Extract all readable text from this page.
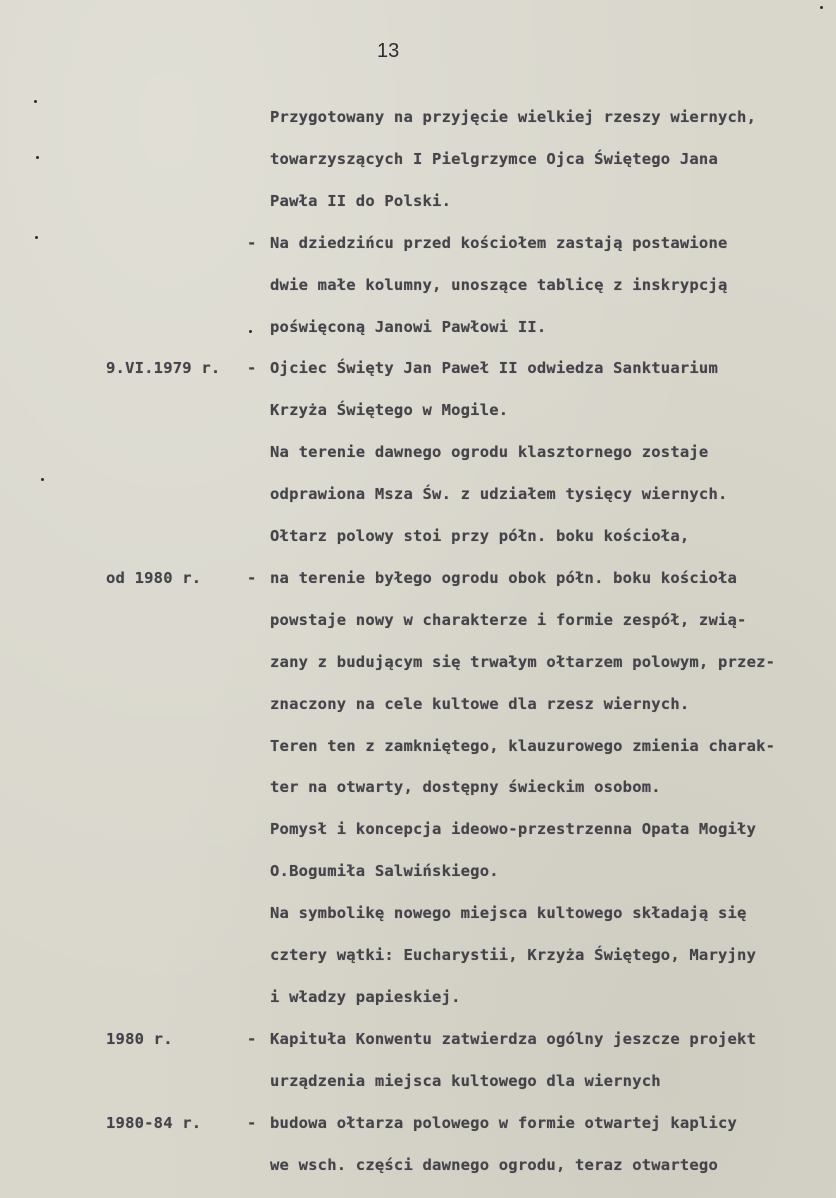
13
Przygotowany na przyjęcie wielkiej rzeszy wiernych,
towarzyszących I Pielgrzymce Ojca Świętego Jana
Pawła II do Polski.
- Na dziedzińcu przed kościołem zastają postawione
dwie małe kolumny, unoszące tablicę z inskrypcją
poświęconą Janowi Pawłowi II.
9.VI.1979 r. - Ojciec Święty Jan Paweł II odwiedza Sanktuarium
Krzyża Świętego w Mogile.
Na terenie dawnego ogrodu klasztornego zostaje
odprawiona Msza Św. z udziałem tysięcy wiernych.
Ołtarz polowy stoi przy półn. boku kościoła,
od 1980 r.	- na terenie byłego ogrodu obok półn. boku kościoła
powstaje nowy w charakterze i formie zespół, zwią-
zany z budującym się trwałym ołtarzem polowym, przez-
znaczony na cele kultowe dla rzesz wiernych.
Teren ten z zamkniętego, klauzurowego zmienia charak-
ter na otwarty, dostępny świeckim osobom.
Pomysł i koncepcja ideowo-przestrzenna Opata Mogiły
O.Bogumiła Salwińskiego.
Na symbolikę nowego miejsca kultowego składają się
cztery wątki: Eucharystii, Krzyża Świętego, Maryjny
i władzy papieskiej.
1980 r.	- Kapituła Konwentu zatwierdza ogólny jeszcze projekt
urządzenia miejsca kultowego dla wiernych
1980-84 r.	- budowa ołtarza polowego w formie otwartej kaplicy
we wsch. części dawnego ogrodu, teraz otwartego
